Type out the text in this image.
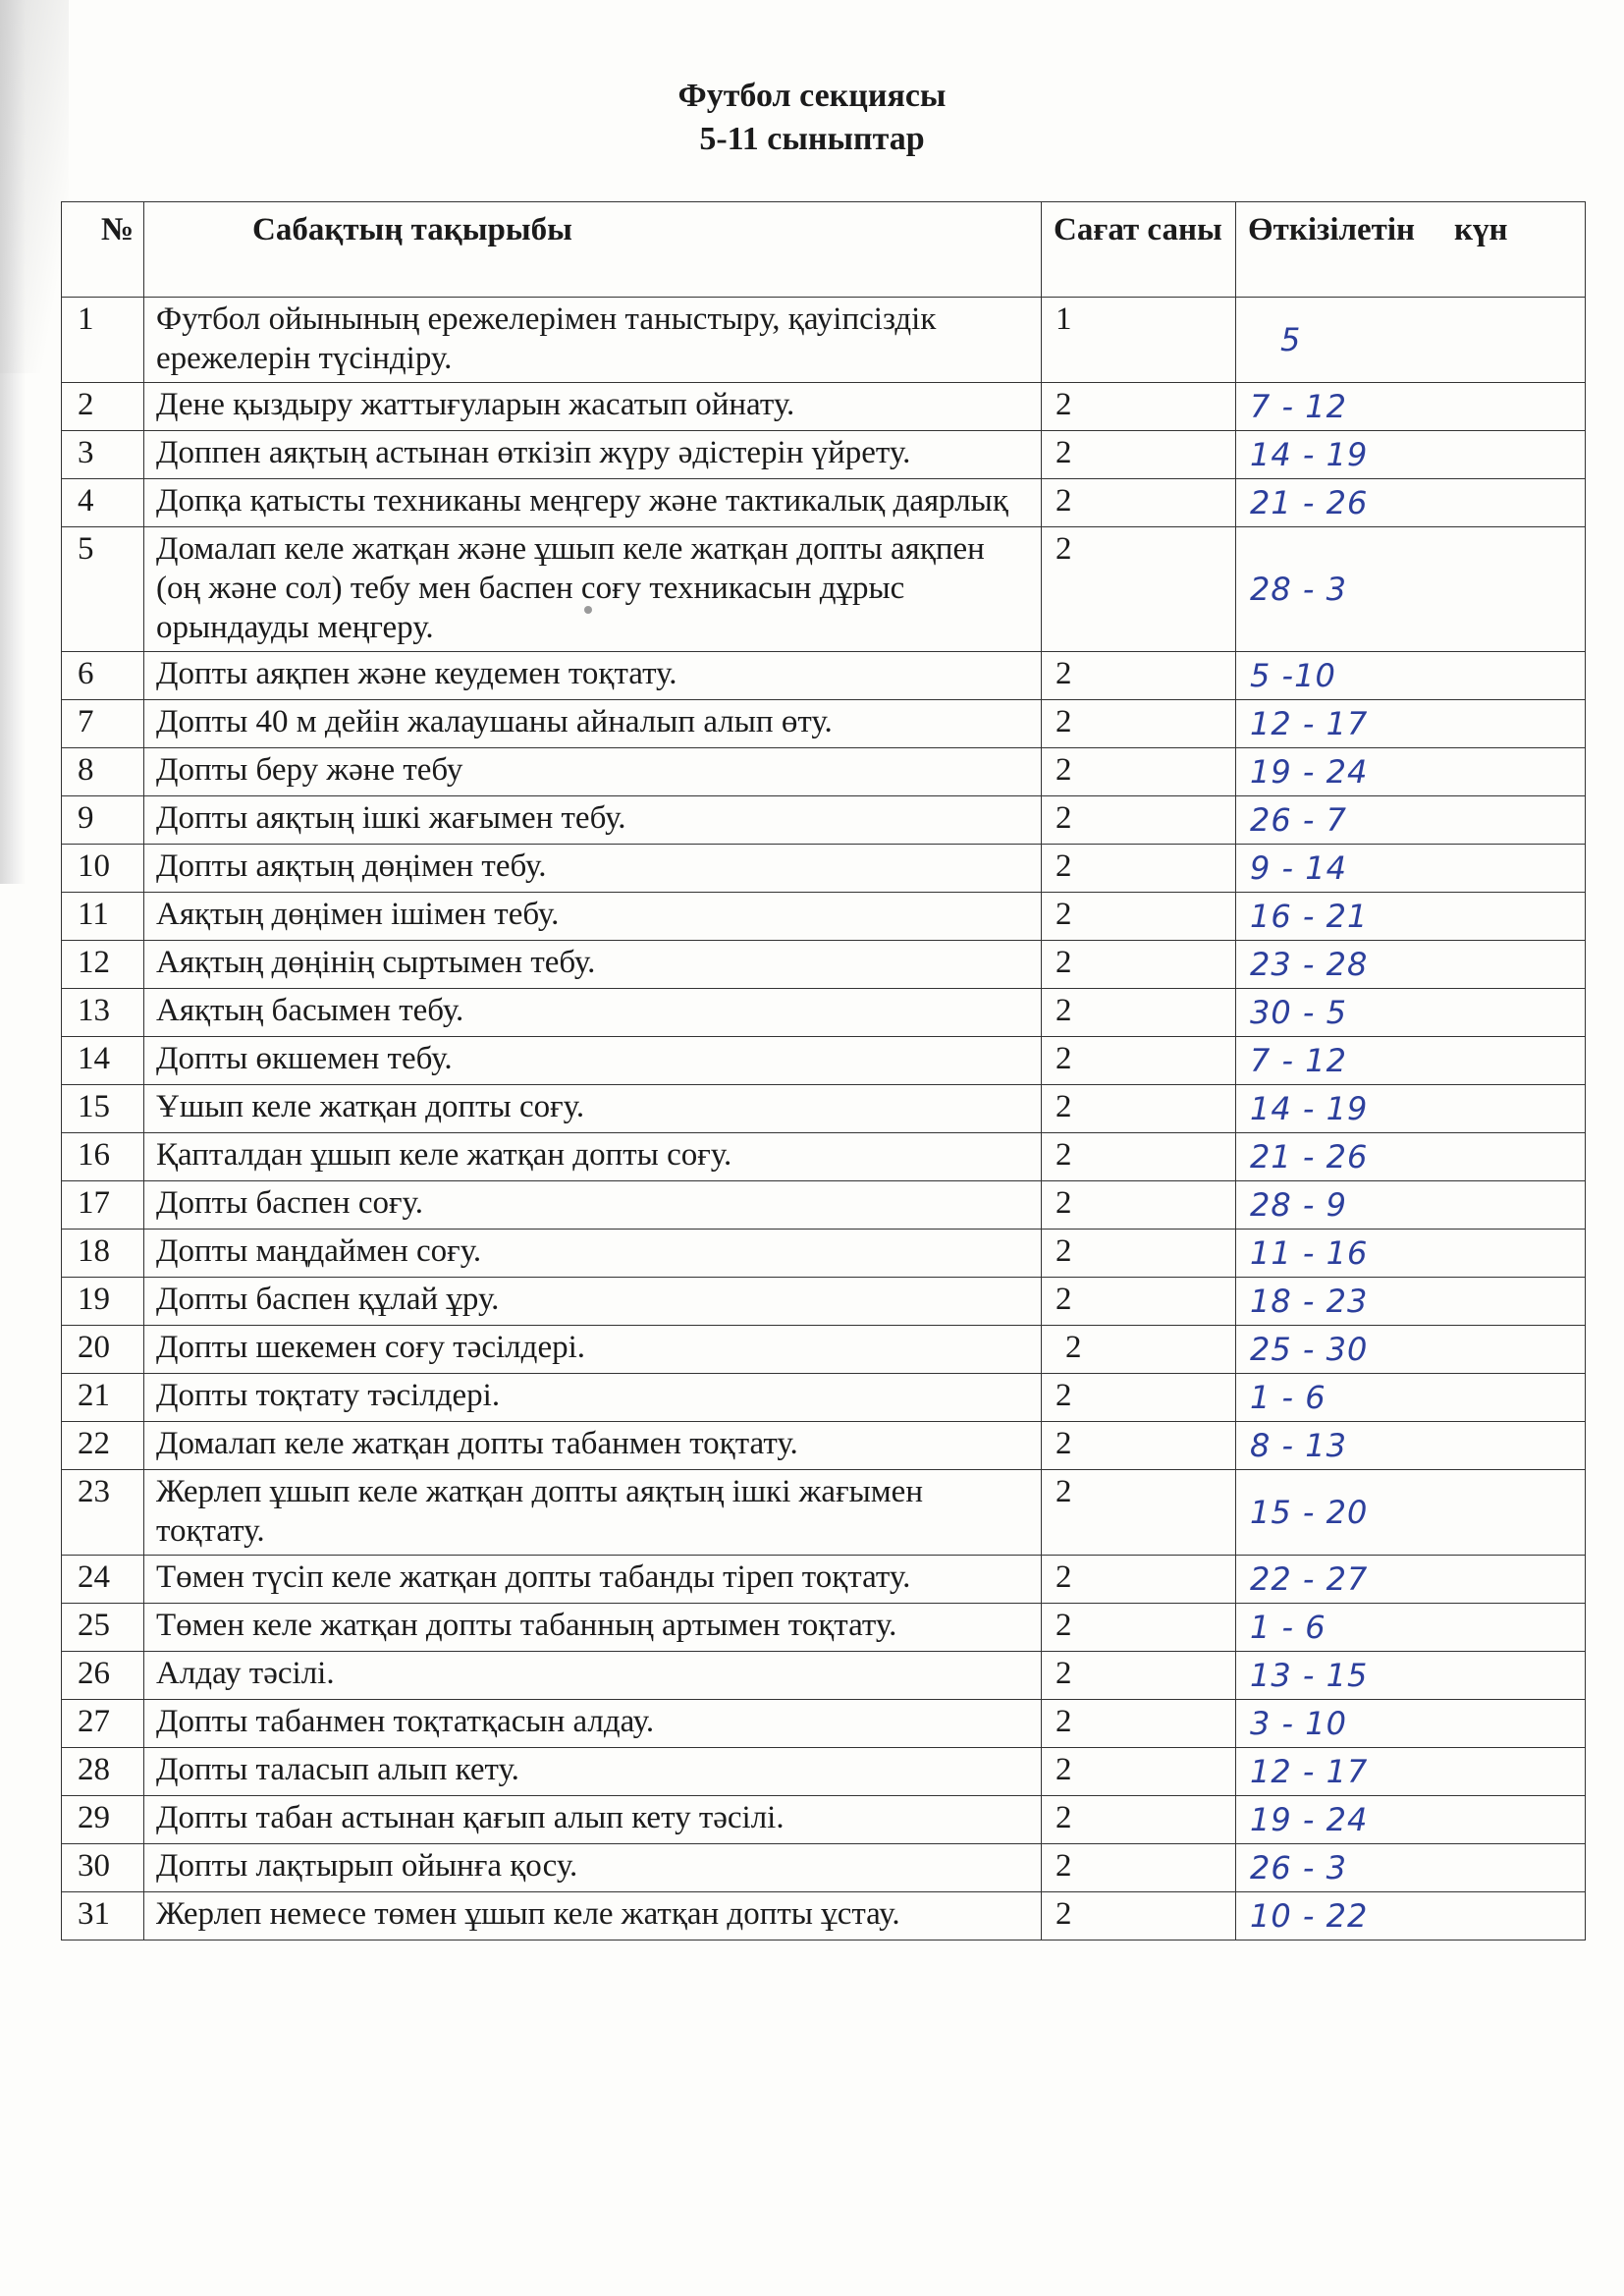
Футбол секциясы
5-11 сыныптар
№	Сабақтың тақырыбы	Сағат саны	Өткізілетін күн
1	Футбол ойынының ережелерімен таныстыру, қауіпсіздік ережелерін түсіндіру.	1	5
2	Дене қыздыру жаттығуларын жасатып ойнату.	2	7 - 12
3	Доппен аяқтың астынан өткізіп жүру әдістерін үйрету.	2	14 - 19
4	Допқа қатысты техниканы меңгеру және тактикалық даярлық	2	21 - 26
5	Домалап келе жатқан және ұшып келе жатқан допты аяқпен (оң және сол) тебу мен баспен соғу техникасын дұрыс орындауды меңгеру.	2	28 - 3
6	Допты аяқпен және кеудемен тоқтату.	2	5 -10
7	Допты 40 м дейін жалаушаны айналып алып өту.	2	12 - 17
8	Допты беру және тебу	2	19 - 24
9	Допты аяқтың ішкі жағымен тебу.	2	26 - 7
10	Допты аяқтың дөңімен тебу.	2	9 - 14
11	Аяқтың дөңімен ішімен тебу.	2	16 - 21
12	Аяқтың дөңінің сыртымен тебу.	2	23 - 28
13	Аяқтың басымен тебу.	2	30 - 5
14	Допты өкшемен тебу.	2	7 - 12
15	Ұшып келе жатқан допты соғу.	2	14 - 19
16	Қапталдан ұшып келе жатқан допты соғу.	2	21 - 26
17	Допты баспен соғу.	2	28 - 9
18	Допты маңдаймен соғу.	2	11 - 16
19	Допты баспен құлай ұру.	2	18 - 23
20	Допты шекемен соғу тәсілдері.	2	25 - 30
21	Допты тоқтату тәсілдері.	2	1 - 6
22	Домалап келе жатқан допты табанмен тоқтату.	2	8 - 13
23	Жерлеп ұшып келе жатқан допты аяқтың ішкі жағымен тоқтату.	2	15 - 20
24	Төмен түсіп келе жатқан допты табанды тіреп тоқтату.	2	22 - 27
25	Төмен келе жатқан допты табанның артымен тоқтату.	2	1 - 6
26	Алдау тәсілі.	2	13 - 15
27	Допты табанмен тоқтатқасын алдау.	2	3 - 10
28	Допты таласып алып кету.	2	12 - 17
29	Допты табан астынан қағып алып кету тәсілі.	2	19 - 24
30	Допты лақтырып ойынға қосу.	2	26 - 3
31	Жерлеп немесе төмен ұшып келе жатқан допты ұстау.	2	10 - 22
